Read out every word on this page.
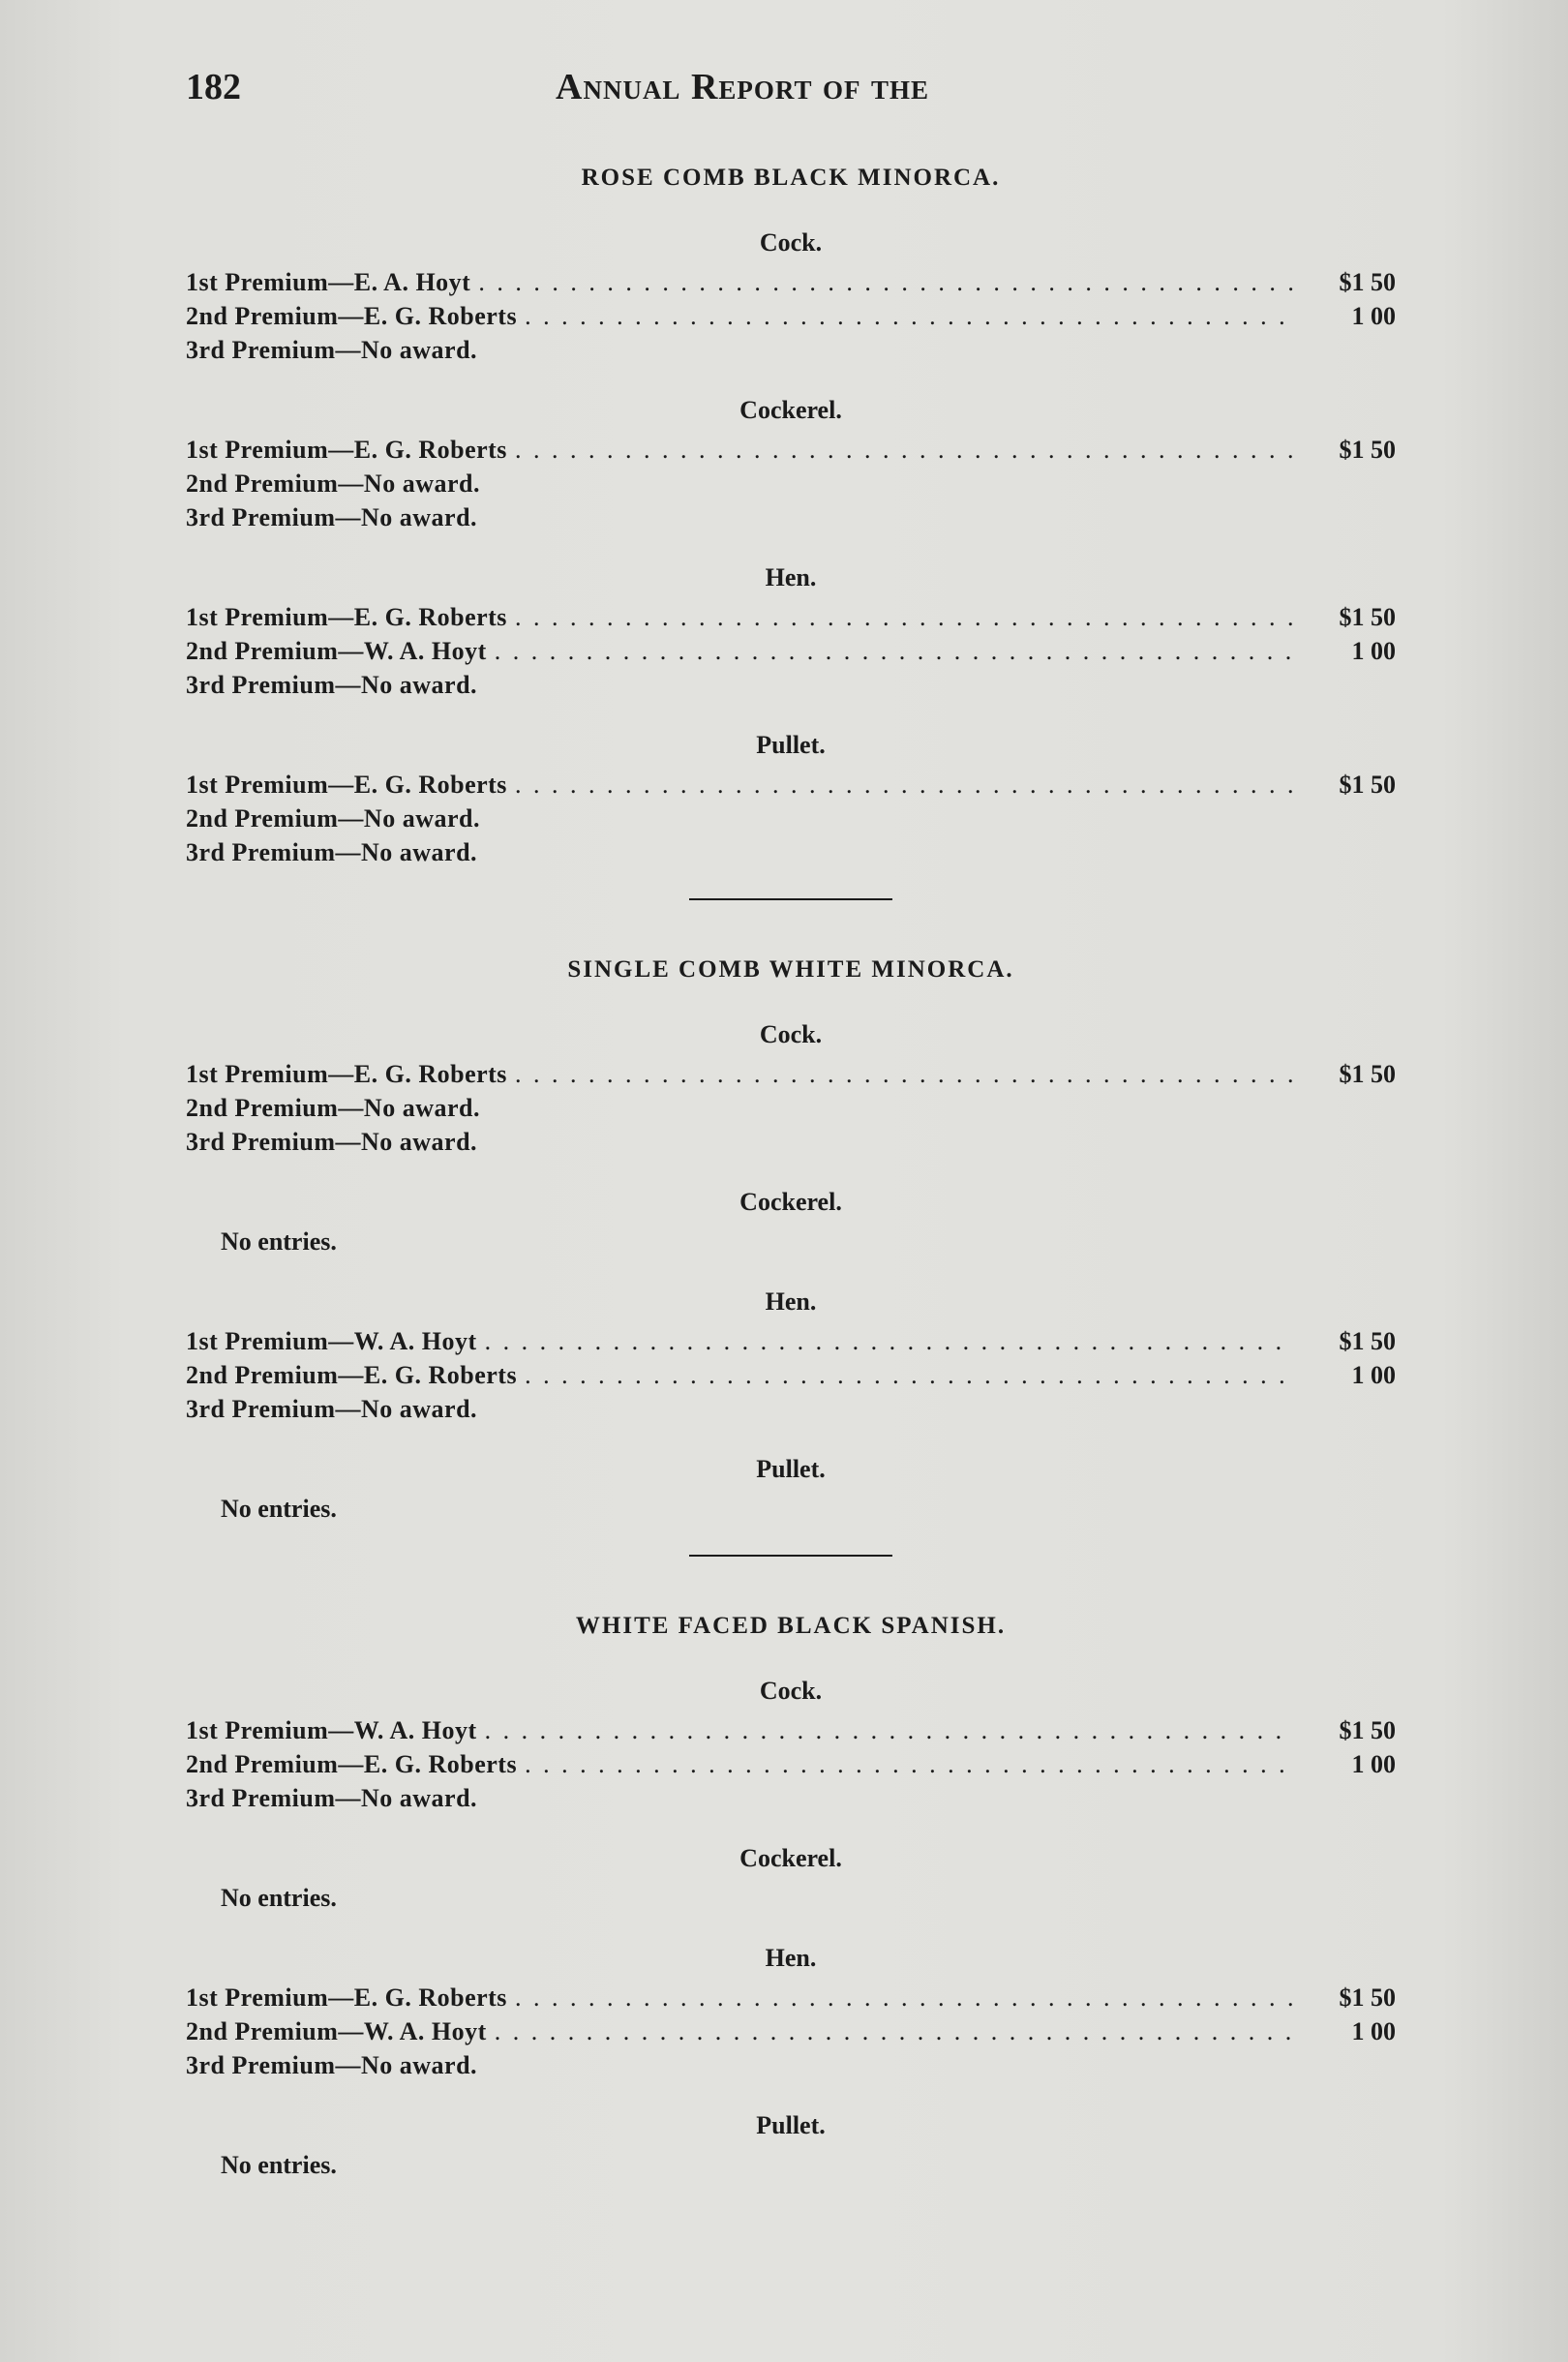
182	Annual Report of the
ROSE COMB BLACK MINORCA.
Cock.
1st Premium—E. A. Hoyt . . .	$1 50
2nd Premium—E. G. Roberts . . .	1 00
3rd Premium—No award.
Cockerel.
1st Premium—E. G. Roberts . . .	$1 50
2nd Premium—No award.
3rd Premium—No award.
Hen.
1st Premium—E. G. Roberts . . .	$1 50
2nd Premium—W. A. Hoyt . . .	1 00
3rd Premium—No award.
Pullet.
1st Premium—E. G. Roberts . . .	$1 50
2nd Premium—No award.
3rd Premium—No award.
SINGLE COMB WHITE MINORCA.
Cock.
1st Premium—E. G. Roberts . . .	$1 50
2nd Premium—No award.
3rd Premium—No award.
Cockerel.
No entries.
Hen.
1st Premium—W. A. Hoyt . . .	$1 50
2nd Premium—E. G. Roberts . . .	1 00
3rd Premium—No award.
Pullet.
No entries.
WHITE FACED BLACK SPANISH.
Cock.
1st Premium—W. A. Hoyt . . .	$1 50
2nd Premium—E. G. Roberts . . .	1 00
3rd Premium—No award.
Cockerel.
No entries.
Hen.
1st Premium—E. G. Roberts . . .	$1 50
2nd Premium—W. A. Hoyt . . .	1 00
3rd Premium—No award.
Pullet.
No entries.
